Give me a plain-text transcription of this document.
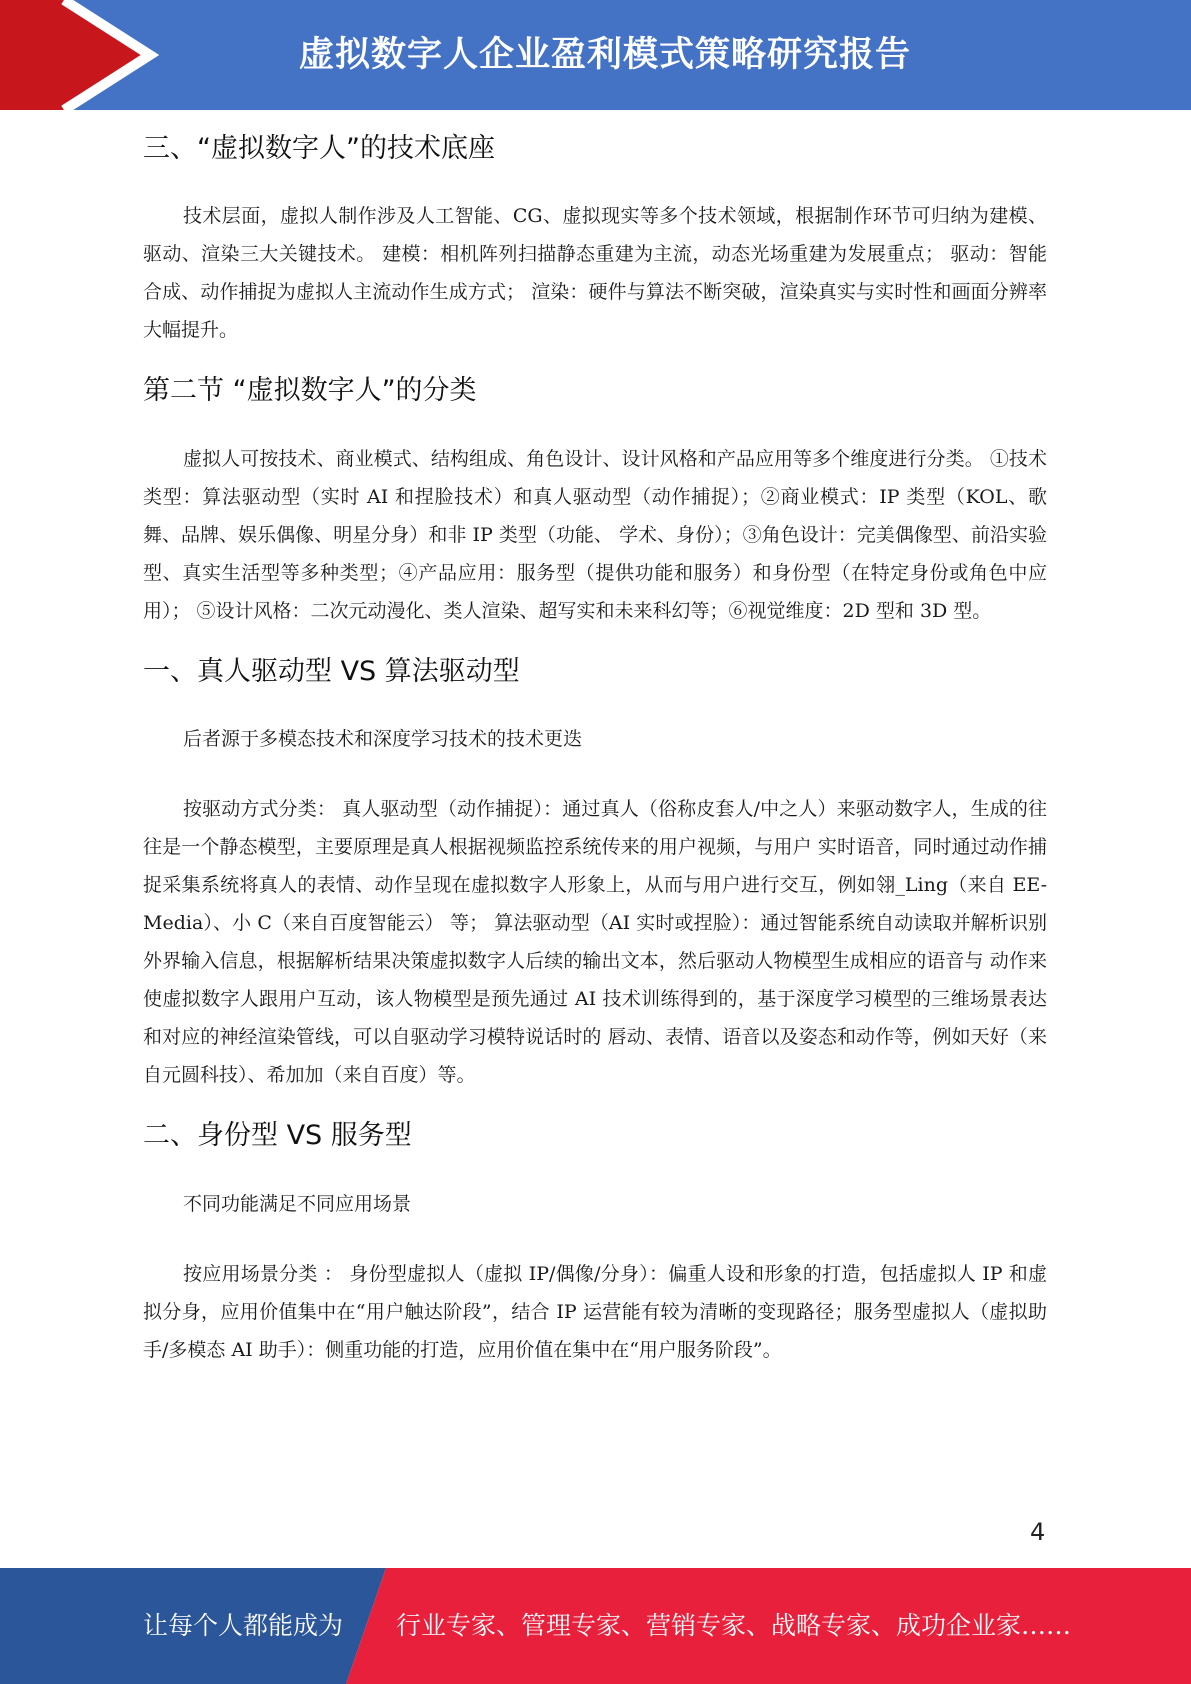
虚拟数字人企业盈利模式策略研究报告
三、“虚拟数字人”的技术底座

技术层面，虚拟人制作涉及人工智能、CG、虚拟现实等多个技术领域，根据制作环节可归纳为建模、驱动、渲染三大关键技术。 建模：相机阵列扫描静态重建为主流，动态光场重建为发展重点； 驱动：智能合成、动作捕捉为虚拟人主流动作生成方式； 渲染：硬件与算法不断突破，渲染真实与实时性和画面分辨率大幅提升。

第二节 “虚拟数字人”的分类

虚拟人可按技术、商业模式、结构组成、角色设计、设计风格和产品应用等多个维度进行分类。 ①技术类型：算法驱动型（实时 AI 和捏脸技术）和真人驱动型（动作捕捉）；②商业模式：IP 类型（KOL、歌舞、品牌、娱乐偶像、明星分身）和非 IP 类型（功能、 学术、身份）；③角色设计：完美偶像型、前沿实验型、真实生活型等多种类型；④产品应用：服务型（提供功能和服务）和身份型（在特定身份或角色中应用）； ⑤设计风格：二次元动漫化、类人渲染、超写实和未来科幻等；⑥视觉维度：2D 型和 3D 型。

一、真人驱动型 VS 算法驱动型

后者源于多模态技术和深度学习技术的技术更迭

按驱动方式分类： 真人驱动型（动作捕捉）：通过真人（俗称皮套人/中之人）来驱动数字人，生成的往往是一个静态模型，主要原理是真人根据视频监控系统传来的用户视频，与用户 实时语音，同时通过动作捕捉采集系统将真人的表情、动作呈现在虚拟数字人形象上，从而与用户进行交互，例如翎_Ling（来自 EE-Media）、小 C（来自百度智能云） 等； 算法驱动型（AI 实时或捏脸）：通过智能系统自动读取并解析识别外界输入信息，根据解析结果决策虚拟数字人后续的输出文本，然后驱动人物模型生成相应的语音与 动作来使虚拟数字人跟用户互动，该人物模型是预先通过 AI 技术训练得到的，基于深度学习模型的三维场景表达和对应的神经渲染管线，可以自驱动学习模特说话时的 唇动、表情、语音以及姿态和动作等，例如天好（来自元圆科技）、希加加（来自百度）等。

二、身份型 VS 服务型

不同功能满足不同应用场景

按应用场景分类 ： 身份型虚拟人（虚拟 IP/偶像/分身）：偏重人设和形象的打造，包括虚拟人 IP 和虚拟分身，应用价值集中在“用户触达阶段”，结合 IP 运营能有较为清晰的变现路径；服务型虚拟人（虚拟助手/多模态 AI 助手）：侧重功能的打造，应用价值在集中在“用户服务阶段”。

4
让每个人都能成为 行业专家、管理专家、营销专家、战略专家、成功企业家……
